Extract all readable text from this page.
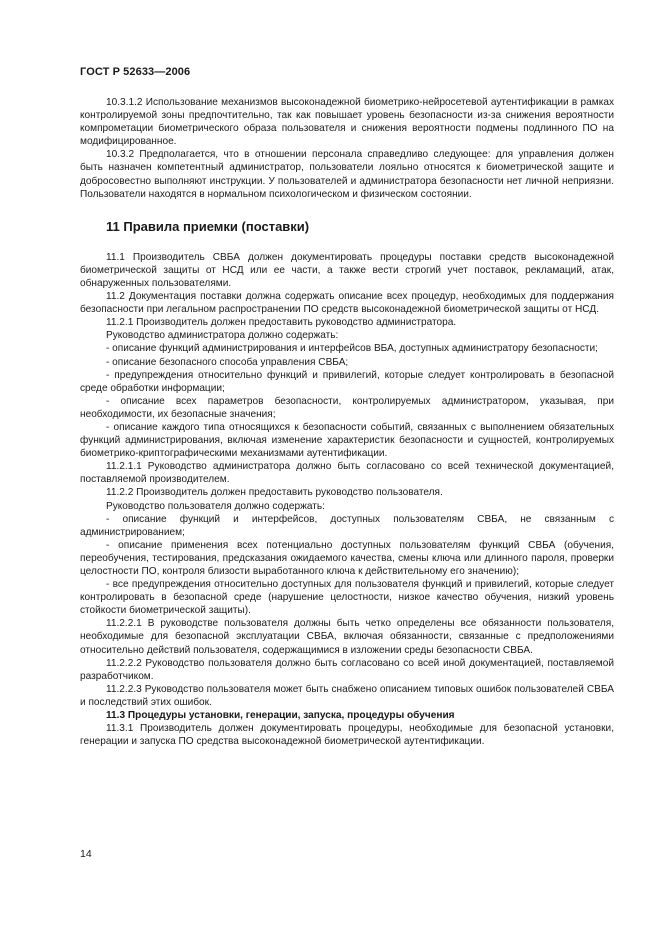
ГОСТ Р 52633—2006

10.3.1.2 Использование механизмов высоконадежной биометрико-нейросетевой аутентификации в рамках контролируемой зоны предпочтительно, так как повышает уровень безопасности из-за снижения вероятности компрометации биометрического образа пользователя и снижения вероятности подмены подлинного ПО на модифицированное.

10.3.2 Предполагается, что в отношении персонала справедливо следующее: для управления должен быть назначен компетентный администратор, пользователи лояльно относятся к биометрической защите и добросовестно выполняют инструкции. У пользователей и администратора безопасности нет личной неприязни. Пользователи находятся в нормальном психологическом и физическом состоянии.

11 Правила приемки (поставки)

11.1 Производитель СВБА должен документировать процедуры поставки средств высоконадежной биометрической защиты от НСД или ее части, а также вести строгий учет поставок, рекламаций, атак, обнаруженных пользователями.

11.2 Документация поставки должна содержать описание всех процедур, необходимых для поддержания безопасности при легальном распространении ПО средств высоконадежной биометрической защиты от НСД.

11.2.1 Производитель должен предоставить руководство администратора.

Руководство администратора должно содержать:

- описание функций администрирования и интерфейсов ВБА, доступных администратору безопасности;

- описание безопасного способа управления СВБА;

- предупреждения относительно функций и привилегий, которые следует контролировать в безопасной среде обработки информации;

- описание всех параметров безопасности, контролируемых администратором, указывая, при необходимости, их безопасные значения;

- описание каждого типа относящихся к безопасности событий, связанных с выполнением обязательных функций администрирования, включая изменение характеристик безопасности и сущностей, контролируемых биометрико-криптографическими механизмами аутентификации.

11.2.1.1 Руководство администратора должно быть согласовано со всей технической документацией, поставляемой производителем.

11.2.2 Производитель должен предоставить руководство пользователя.

Руководство пользователя должно содержать:

- описание функций и интерфейсов, доступных пользователям СВБА, не связанным с администрированием;

- описание применения всех потенциально доступных пользователям функций СВБА (обучения, переобучения, тестирования, предсказания ожидаемого качества, смены ключа или длинного пароля, проверки целостности ПО, контроля близости выработанного ключа к действительному его значению);

- все предупреждения относительно доступных для пользователя функций и привилегий, которые следует контролировать в безопасной среде (нарушение целостности, низкое качество обучения, низкий уровень стойкости биометрической защиты).

11.2.2.1 В руководстве пользователя должны быть четко определены все обязанности пользователя, необходимые для безопасной эксплуатации СВБА, включая обязанности, связанные с предположениями относительно действий пользователя, содержащимися в изложении среды безопасности СВБА.

11.2.2.2 Руководство пользователя должно быть согласовано со всей иной документацией, поставляемой разработчиком.

11.2.2.3 Руководство пользователя может быть снабжено описанием типовых ошибок пользователей СВБА и последствий этих ошибок.

11.3 Процедуры установки, генерации, запуска, процедуры обучения

11.3.1 Производитель должен документировать процедуры, необходимые для безопасной установки, генерации и запуска ПО средства высоконадежной биометрической аутентификации.

14
